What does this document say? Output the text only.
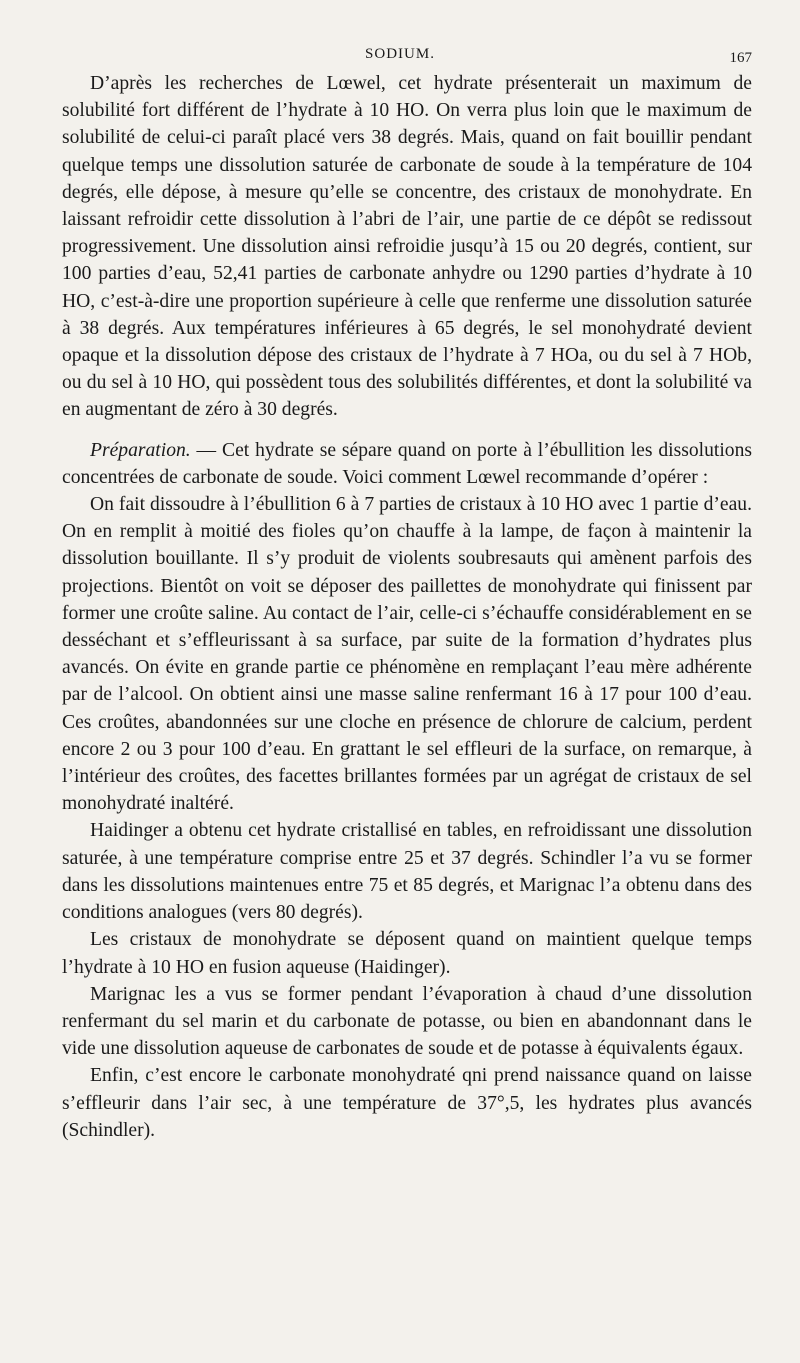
SODIUM.	167

D’après les recherches de Lœwel, cet hydrate présenterait un maximum de solubilité fort différent de l’hydrate à 10 HO. On verra plus loin que le maximum de solubilité de celui-ci paraît placé vers 38 degrés. Mais, quand on fait bouillir pendant quelque temps une dissolution saturée de carbonate de soude à la température de 104 degrés, elle dépose, à mesure qu’elle se concentre, des cristaux de monohydrate. En laissant refroidir cette dissolution à l’abri de l’air, une partie de ce dépôt se redissout progressivement. Une dissolution ainsi refroidie jusqu’à 15 ou 20 degrés, contient, sur 100 parties d’eau, 52,41 parties de carbonate anhydre ou 1290 parties d’hydrate à 10 HO, c’est-à-dire une proportion supérieure à celle que renferme une dissolution saturée à 38 degrés. Aux températures inférieures à 65 degrés, le sel monohydraté devient opaque et la dissolution dépose des cristaux de l’hydrate à 7 HOa, ou du sel à 7 HOb, ou du sel à 10 HO, qui possèdent tous des solubilités différentes, et dont la solubilité va en augmentant de zéro à 30 degrés.

Préparation. — Cet hydrate se sépare quand on porte à l’ébullition les dissolutions concentrées de carbonate de soude. Voici comment Lœwel recommande d’opérer :

On fait dissoudre à l’ébullition 6 à 7 parties de cristaux à 10 HO avec 1 partie d’eau. On en remplit à moitié des fioles qu’on chauffe à la lampe, de façon à maintenir la dissolution bouillante. Il s’y produit de violents soubresauts qui amènent parfois des projections. Bientôt on voit se déposer des paillettes de monohydrate qui finissent par former une croûte saline. Au contact de l’air, celle-ci s’échauffe considérablement en se desséchant et s’effleurissant à sa surface, par suite de la formation d’hydrates plus avancés. On évite en grande partie ce phénomène en remplaçant l’eau mère adhérente par de l’alcool. On obtient ainsi une masse saline renfermant 16 à 17 pour 100 d’eau. Ces croûtes, abandonnées sur une cloche en présence de chlorure de calcium, perdent encore 2 ou 3 pour 100 d’eau. En grattant le sel effleuri de la surface, on remarque, à l’intérieur des croûtes, des facettes brillantes formées par un agrégat de cristaux de sel monohydraté inaltéré.

Haidinger a obtenu cet hydrate cristallisé en tables, en refroidissant une dissolution saturée, à une température comprise entre 25 et 37 degrés. Schindler l’a vu se former dans les dissolutions maintenues entre 75 et 85 degrés, et Marignac l’a obtenu dans des conditions analogues (vers 80 degrés).

Les cristaux de monohydrate se déposent quand on maintient quelque temps l’hydrate à 10 HO en fusion aqueuse (Haidinger).

Marignac les a vus se former pendant l’évaporation à chaud d’une dissolution renfermant du sel marin et du carbonate de potasse, ou bien en abandonnant dans le vide une dissolution aqueuse de carbonates de soude et de potasse à équivalents égaux.

Enfin, c’est encore le carbonate monohydraté qni prend naissance quand on laisse s’effleurir dans l’air sec, à une température de 37°,5, les hydrates plus avancés (Schindler).
